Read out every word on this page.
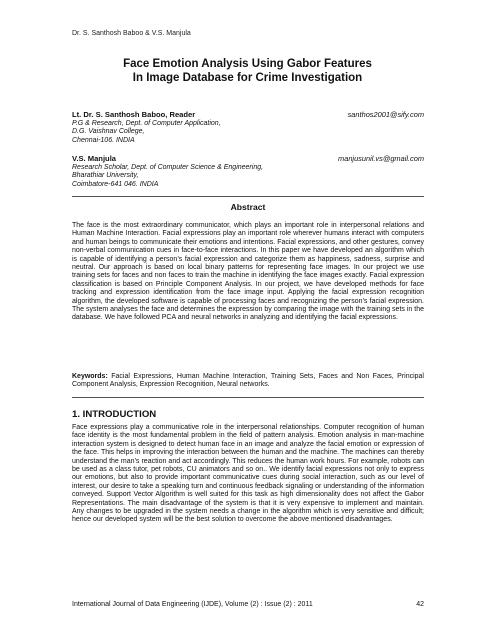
Dr. S. Santhosh Baboo & V.S. Manjula
Face Emotion Analysis Using Gabor Features
In Image Database for Crime Investigation
Lt. Dr. S. Santhosh Baboo, Reader	santhos2001@sify.com
P.G & Research, Dept. of Computer Application,
D.G. Vaishnav College,
Chennai-106. INDIA
V.S. Manjula	manjusunil.vs@gmail.com
Research Scholar, Dept. of Computer Science & Engineering,
Bharathiar University,
Coimbatore-641 046. INDIA
Abstract

The face is the most extraordinary communicator, which plays an important role in interpersonal relations and Human Machine Interaction. Facial expressions play an important role wherever humans interact with computers and human beings to communicate their emotions and intentions. Facial expressions, and other gestures, convey non-verbal communication cues in face-to-face interactions. In this paper we have developed an algorithm which is capable of identifying a person’s facial expression and categorize them as happiness, sadness, surprise and neutral. Our approach is based on local binary patterns for representing face images. In our project we use training sets for faces and non faces to train the machine in identifying the face images exactly. Facial expression classification is based on Principle Component Analysis. In our project, we have developed methods for face tracking and expression identification from the face image input. Applying the facial expression recognition algorithm, the developed software is capable of processing faces and recognizing the person’s facial expression. The system analyses the face and determines the expression by comparing the image with the training sets in the database. We have followed PCA and neural networks in analyzing and identifying the facial expressions.

Keywords: Facial Expressions, Human Machine Interaction, Training Sets, Faces and Non Faces, Principal Component Analysis, Expression Recognition, Neural networks.

1. INTRODUCTION

Face expressions play a communicative role in the interpersonal relationships. Computer recognition of human face identity is the most fundamental problem in the field of pattern analysis. Emotion analysis in man-machine interaction system is designed to detect human face in an image and analyze the facial emotion or expression of the face. This helps in improving the interaction between the human and the machine. The machines can thereby understand the man’s reaction and act accordingly. This reduces the human work hours. For example, robots can be used as a class tutor, pet robots, CU animators and so on.. We identify facial expressions not only to express our emotions, but also to provide important communicative cues during social interaction, such as our level of interest, our desire to take a speaking turn and continuous feedback signaling or understanding of the information conveyed. Support Vector Algorithm is well suited for this task as high dimensionality does not affect the Gabor Representations. The main disadvantage of the system is that it is very expensive to implement and maintain. Any changes to be upgraded in the system needs a change in the algorithm which is very sensitive and difficult; hence our developed system will be the best solution to overcome the above mentioned disadvantages.

International Journal of Data Engineering (IJDE), Volume (2) : Issue (2) : 2011	42
